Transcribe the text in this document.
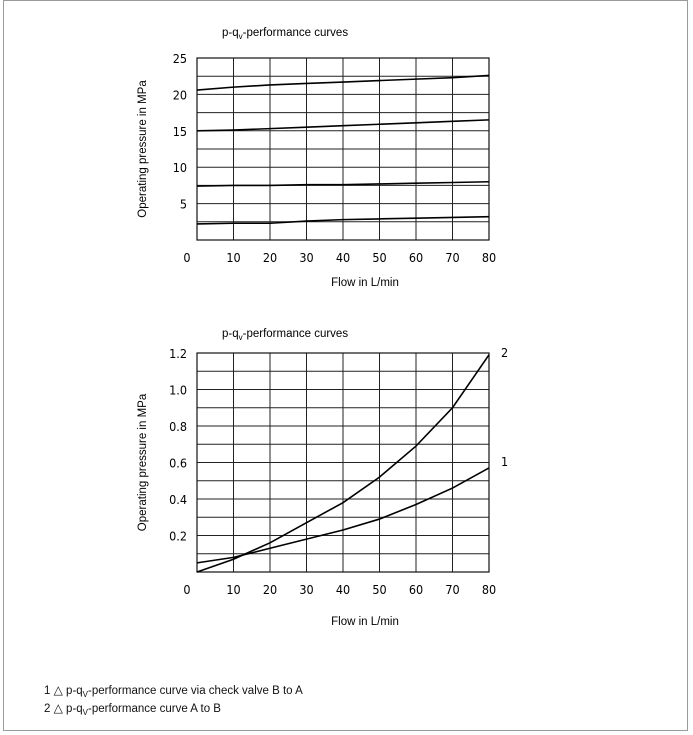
$p-q_v$-performance curves
0	10 20 30 40 50 60 70 80
5
10
15
20
25
Flow in L/min
Operating pressure in MPa
$p-q_v$-performance curves
0	10 20 30 40 50 60 70 80
0.2
0.4
0.6
0.8
1.0
1.2
Flow in L/min
Operating pressure in MPa	1
2
1 △ $p-q_V$-performance curve via check valve B to A
2 △ $p-q_V$-performance curve A to B
